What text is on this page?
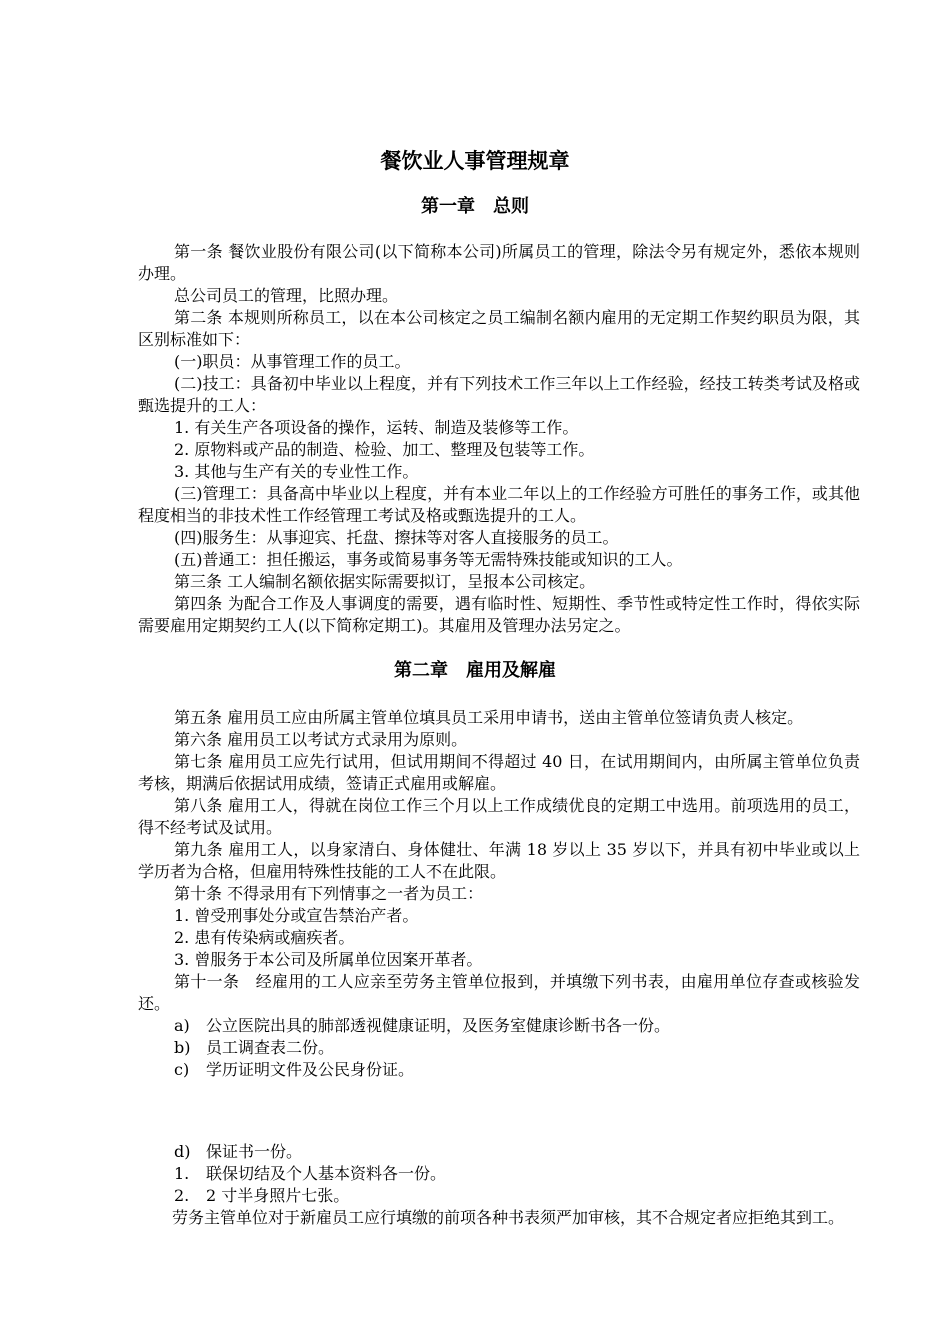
餐饮业人事管理规章
第一章　总则

第一条 餐饮业股份有限公司(以下简称本公司)所属员工的管理，除法令另有规定外，悉依本规则办理。

总公司员工的管理，比照办理。

第二条 本规则所称员工，以在本公司核定之员工编制名额内雇用的无定期工作契约职员为限，其区别标准如下：

(一)职员：从事管理工作的员工。

(二)技工：具备初中毕业以上程度，并有下列技术工作三年以上工作经验，经技工转类考试及格或甄选提升的工人：

1. 有关生产各项设备的操作，运转、制造及装修等工作。

2. 原物料或产品的制造、检验、加工、整理及包装等工作。

3. 其他与生产有关的专业性工作。

(三)管理工：具备高中毕业以上程度，并有本业二年以上的工作经验方可胜任的事务工作，或其他程度相当的非技术性工作经管理工考试及格或甄选提升的工人。

(四)服务生：从事迎宾、托盘、擦抹等对客人直接服务的员工。

(五)普通工：担任搬运，事务或简易事务等无需特殊技能或知识的工人。

第三条 工人编制名额依据实际需要拟订，呈报本公司核定。

第四条 为配合工作及人事调度的需要，遇有临时性、短期性、季节性或特定性工作时，得依实际需要雇用定期契约工人(以下简称定期工)。其雇用及管理办法另定之。

第二章　雇用及解雇

第五条 雇用员工应由所属主管单位填具员工采用申请书，送由主管单位签请负责人核定。

第六条 雇用员工以考试方式录用为原则。

第七条 雇用员工应先行试用，但试用期间不得超过 40 日，在试用期间内，由所属主管单位负责考核，期满后依据试用成绩，签请正式雇用或解雇。

第八条 雇用工人，得就在岗位工作三个月以上工作成绩优良的定期工中选用。前项选用的员工，得不经考试及试用。

第九条 雇用工人，以身家清白、身体健壮、年满 18 岁以上 35 岁以下，并具有初中毕业或以上学历者为合格，但雇用特殊性技能的工人不在此限。

第十条 不得录用有下列情事之一者为员工：

1. 曾受刑事处分或宣告禁治产者。

2. 患有传染病或痼疾者。

3. 曾服务于本公司及所属单位因案开革者。

第十一条　经雇用的工人应亲至劳务主管单位报到，并填缴下列书表，由雇用单位存查或核验发还。

a) 公立医院出具的肺部透视健康证明，及医务室健康诊断书各一份。

b) 员工调查表二份。

c) 学历证明文件及公民身份证。

d) 保证书一份。

1. 联保切结及个人基本资料各一份。

2. 2 寸半身照片七张。

劳务主管单位对于新雇员工应行填缴的前项各种书表须严加审核，其不合规定者应拒绝其到工。
